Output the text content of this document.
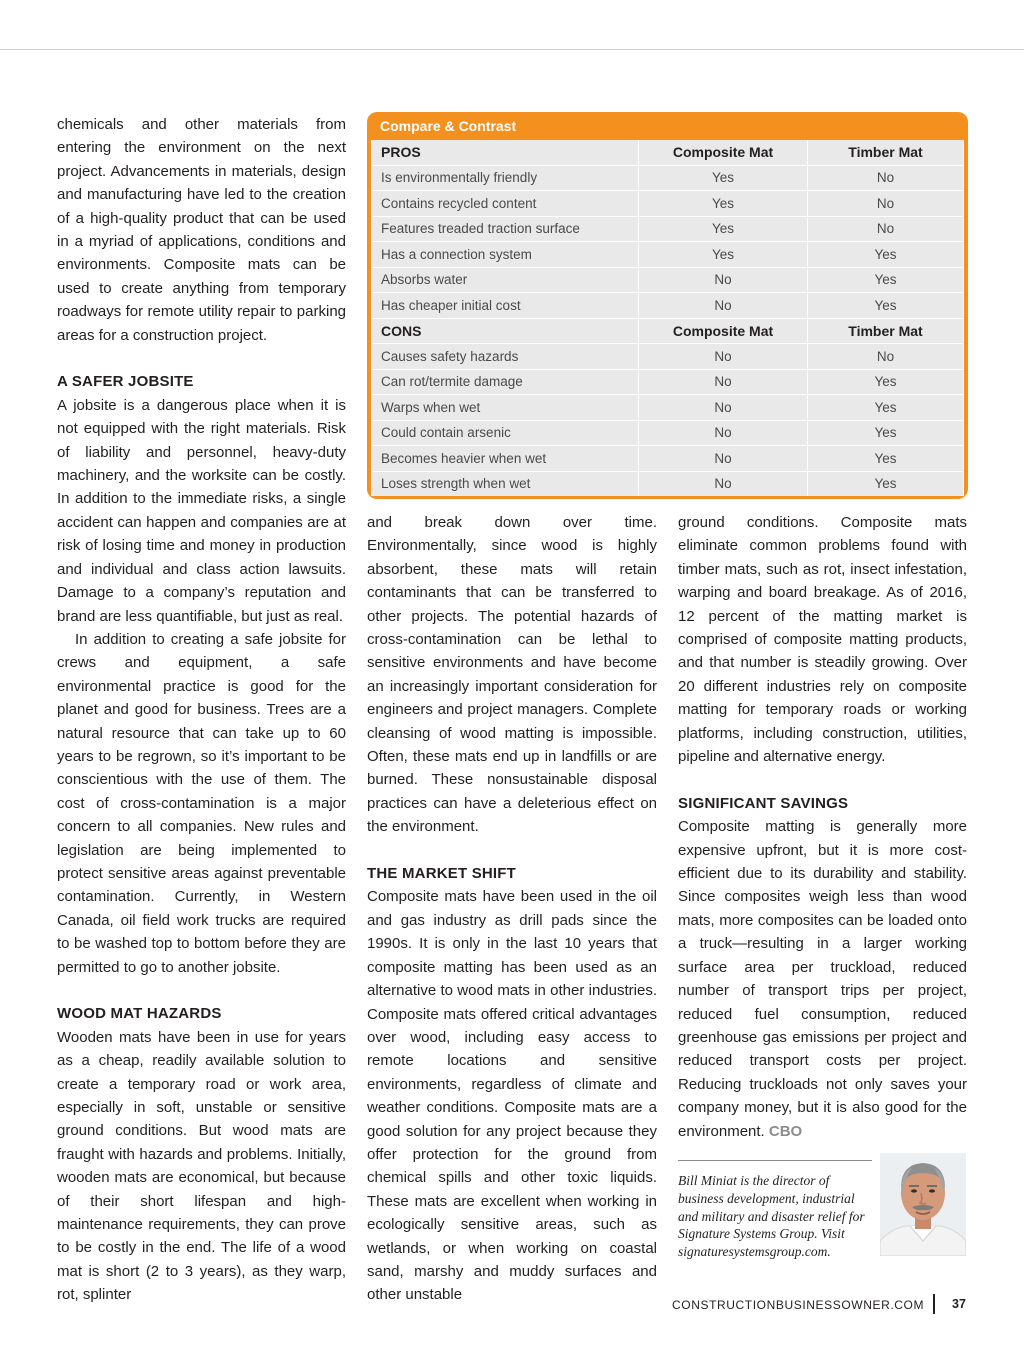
chemicals and other materials from entering the environment on the next project. Advancements in materials, design and manufacturing have led to the creation of a high-quality product that can be used in a myriad of applications, conditions and environments. Composite mats can be used to create anything from temporary roadways for remote utility repair to parking areas for a construction project.

A SAFER JOBSITE

A jobsite is a dangerous place when it is not equipped with the right materials. Risk of liability and personnel, heavy-duty machinery, and the worksite can be costly. In addition to the immediate risks, a single accident can happen and companies are at risk of losing time and money in production and individual and class action lawsuits. Damage to a company’s reputation and brand are less quantifiable, but just as real.

In addition to creating a safe jobsite for crews and equipment, a safe environmental practice is good for the planet and good for business. Trees are a natural resource that can take up to 60 years to be regrown, so it’s important to be conscientious with the use of them. The cost of cross-contamination is a major concern to all companies. New rules and legislation are being implemented to protect sensitive areas against preventable contamination. Currently, in Western Canada, oil field work trucks are required to be washed top to bottom before they are permitted to go to another jobsite.

WOOD MAT HAZARDS

Wooden mats have been in use for years as a cheap, readily available solution to create a temporary road or work area, especially in soft, unstable or sensitive ground conditions. But wood mats are fraught with hazards and problems. Initially, wooden mats are economical, but because of their short lifespan and high-maintenance requirements, they can prove to be costly in the end. The life of a wood mat is short (2 to 3 years), as they warp, rot, splinter

Compare & Contrast
PROS	Composite Mat	Timber Mat
Is environmentally friendly	Yes	No
Contains recycled content	Yes	No
Features treaded traction surface	Yes	No
Has a connection system	Yes	Yes
Absorbs water	No	Yes
Has cheaper initial cost	No	Yes
CONS	Composite Mat	Timber Mat
Causes safety hazards	No	No
Can rot/termite damage	No	Yes
Warps when wet	No	Yes
Could contain arsenic	No	Yes
Becomes heavier when wet	No	Yes
Loses strength when wet	No	Yes

and break down over time. Environmentally, since wood is highly absorbent, these mats will retain contaminants that can be transferred to other projects. The potential hazards of cross-contamination can be lethal to sensitive environments and have become an increasingly important consideration for engineers and project managers. Complete cleansing of wood matting is impossible. Often, these mats end up in landfills or are burned. These nonsustainable disposal practices can have a deleterious effect on the environment.

THE MARKET SHIFT

Composite mats have been used in the oil and gas industry as drill pads since the 1990s. It is only in the last 10 years that composite matting has been used as an alternative to wood mats in other industries. Composite mats offered critical advantages over wood, including easy access to remote locations and sensitive environments, regardless of climate and weather conditions. Composite mats are a good solution for any project because they offer protection for the ground from chemical spills and other toxic liquids. These mats are excellent when working in ecologically sensitive areas, such as wetlands, or when working on coastal sand, marshy and muddy surfaces and other unstable

ground conditions. Composite mats eliminate common problems found with timber mats, such as rot, insect infestation, warping and board breakage. As of 2016, 12 percent of the matting market is comprised of composite matting products, and that number is steadily growing. Over 20 different industries rely on composite matting for temporary roads or working platforms, including construction, utilities, pipeline and alternative energy.

SIGNIFICANT SAVINGS

Composite matting is generally more expensive upfront, but it is more cost-efficient due to its durability and stability. Since composites weigh less than wood mats, more composites can be loaded onto a truck—resulting in a larger working surface area per truckload, reduced number of transport trips per project, reduced fuel consumption, reduced greenhouse gas emissions per project and reduced transport costs per project. Reducing truckloads not only saves your company money, but it is also good for the environment. CBO

Bill Miniat is the director of business development, industrial and military and disaster relief for Signature Systems Group. Visit signaturesystemsgroup.com.
CONSTRUCTIONBUSINESSOWNER.COM 37
